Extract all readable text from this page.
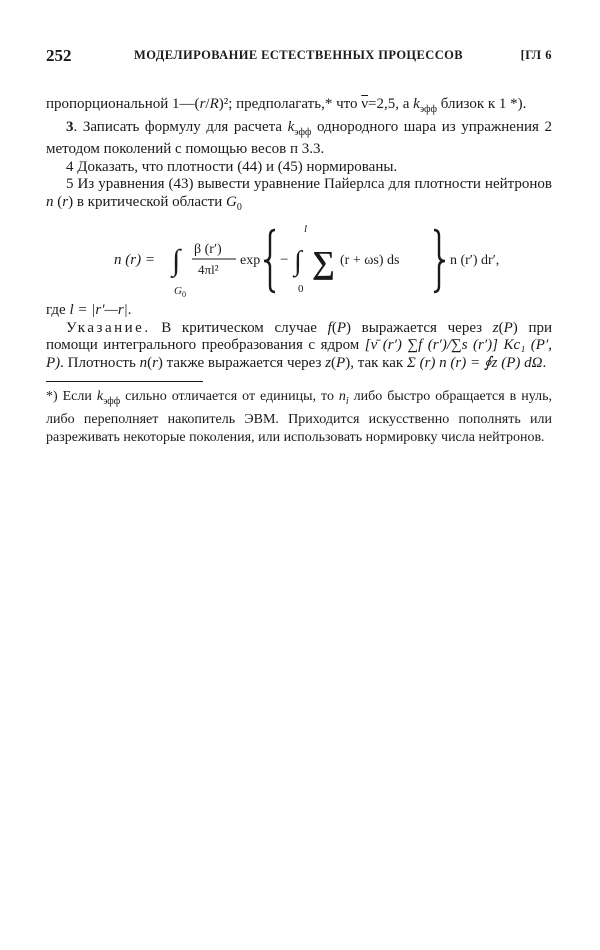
252	МОДЕЛИРОВАНИЕ ЕСТЕСТВЕННЫХ ПРОЦЕССОВ	[ГЛ 6

пропорциональной 1—(r/R)²; предполагать,* что $\overline{\nu}=2,5$, а $k_{эфф}$ близок к 1 *).

3. Записать формулу для расчета $k_{эфф}$ однородного шара из упражнения 2 методом поколений с помощью весов п 3.3.

4 Доказать, что плотности (44) и (45) нормированы.

5 Из уравнения (43) вывести уравнение Пайерлса для плотности нейтронов n (r) в критической области $G_0$

n (r) = ∫
G 0
β (r′)
4πl²
exp − ∫
l
0
∑ (r + ωs) ds	n (r′) dr′,

где l = |r′—r|.

Указание. В критическом случае f(P) выражается через z(P) при помощи интегрального преобразования с ядром [ν̄ (r′) ∑f (r′)/∑s (r′)] Kс₁ (P′, P). Плотность n(r) также выражается через z(P), так как Σ (r) n (r) = ∮z (P) dΩ.

*) Если $k_{эфф}$ сильно отличается от единицы, то $n_i$ либо быстро обращается в нуль, либо переполняет накопитель ЭВМ. Приходится искусственно пополнять или разреживать некоторые поколения, или использовать нормировку числа нейтронов.
